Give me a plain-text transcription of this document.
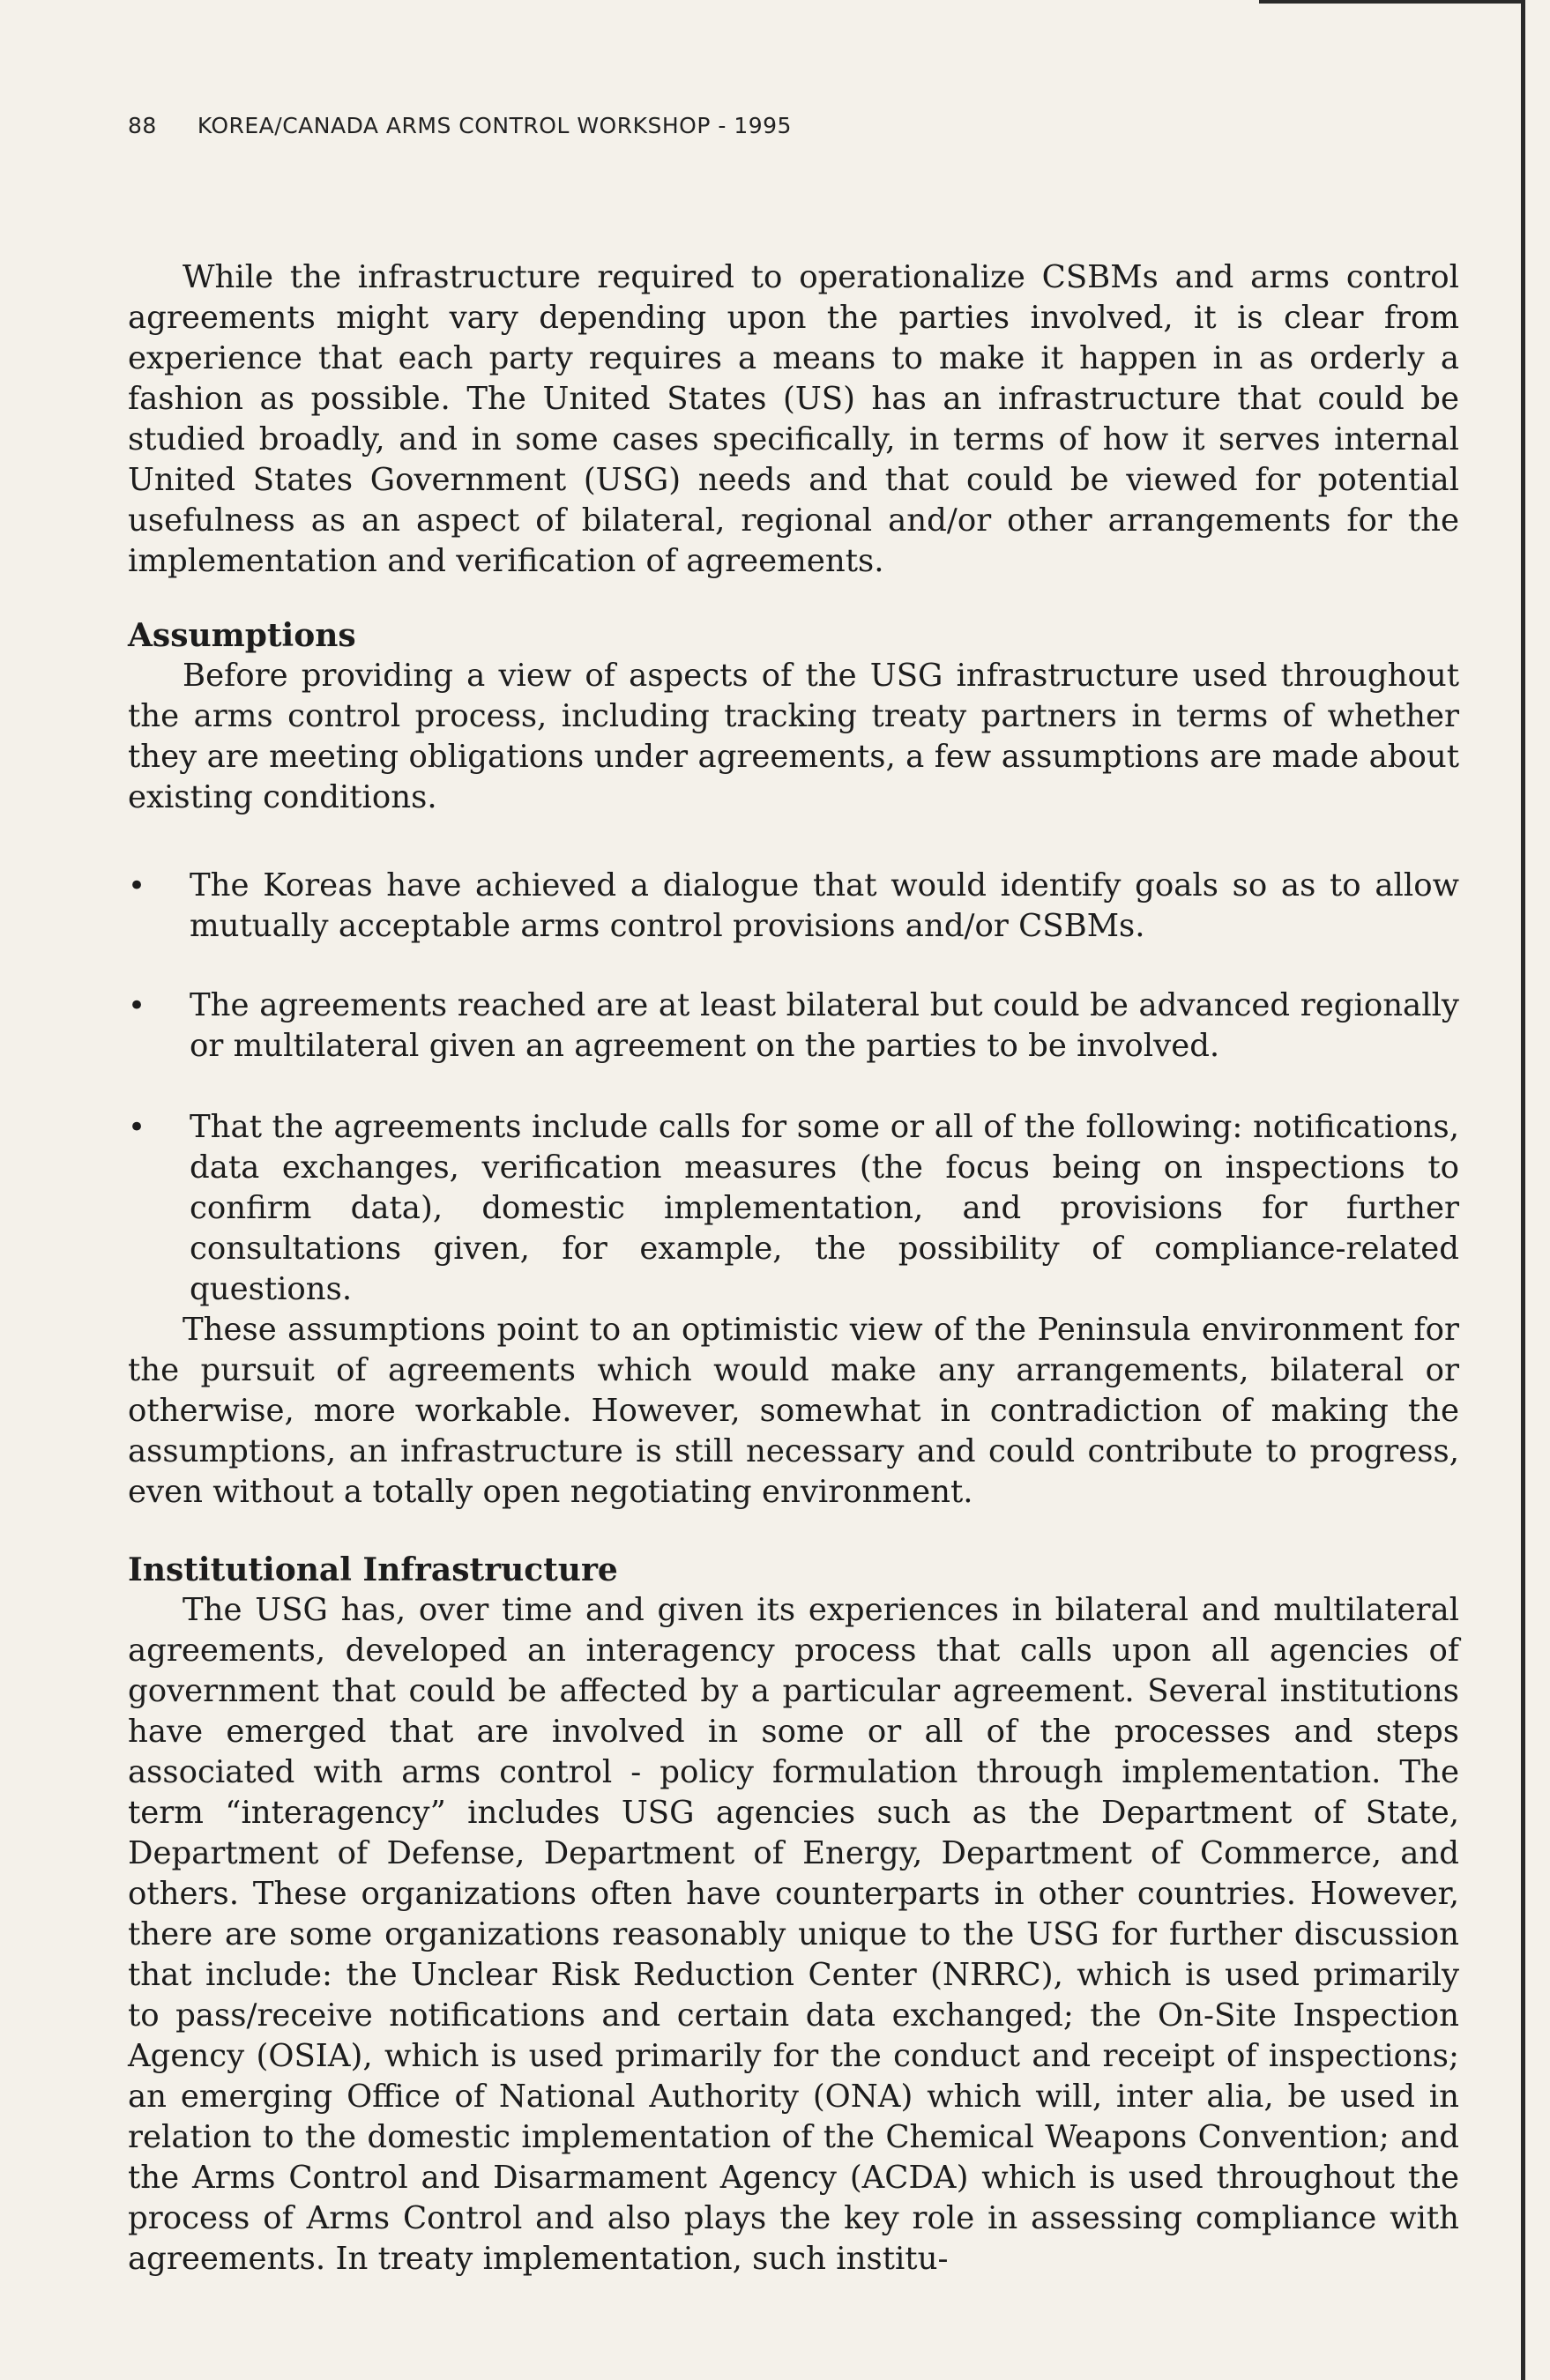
88 KOREA/CANADA ARMS CONTROL WORKSHOP - 1995

While the infrastructure required to operationalize CSBMs and arms control agreements might vary depending upon the parties involved, it is clear from experience that each party requires a means to make it happen in as orderly a fashion as possible. The United States (US) has an infrastructure that could be studied broadly, and in some cases specifically, in terms of how it serves internal United States Government (USG) needs and that could be viewed for potential usefulness as an aspect of bilateral, regional and/or other arrangements for the implementation and verification of agreements.

Assumptions

Before providing a view of aspects of the USG infrastructure used throughout the arms control process, including tracking treaty partners in terms of whether they are meeting obligations under agreements, a few assumptions are made about existing conditions.

•	The Koreas have achieved a dialogue that would identify goals so as to allow mutually acceptable arms control provisions and/or CSBMs.

•	The agreements reached are at least bilateral but could be advanced regionally or multilateral given an agreement on the parties to be involved.

•	That the agreements include calls for some or all of the following: notifications, data exchanges, verification measures (the focus being on inspections to confirm data), domestic implementation, and provisions for further consultations given, for example, the possibility of compliance-related questions.

These assumptions point to an optimistic view of the Peninsula environment for the pursuit of agreements which would make any arrangements, bilateral or otherwise, more workable. However, somewhat in contradiction of making the assumptions, an infrastructure is still necessary and could contribute to progress, even without a totally open negotiating environment.

Institutional Infrastructure

The USG has, over time and given its experiences in bilateral and multilateral agreements, developed an interagency process that calls upon all agencies of government that could be affected by a particular agreement. Several institutions have emerged that are involved in some or all of the processes and steps associated with arms control - policy formulation through implementation. The term “interagency” includes USG agencies such as the Department of State, Department of Defense, Department of Energy, Department of Commerce, and others. These organizations often have counterparts in other countries. However, there are some organizations reasonably unique to the USG for further discussion that include: the Unclear Risk Reduction Center (NRRC), which is used primarily to pass/receive notifications and certain data exchanged; the On-Site Inspection Agency (OSIA), which is used primarily for the conduct and receipt of inspections; an emerging Office of National Authority (ONA) which will, inter alia, be used in relation to the domestic implementation of the Chemical Weapons Convention; and the Arms Control and Disarmament Agency (ACDA) which is used throughout the process of Arms Control and also plays the key role in assessing compliance with agreements. In treaty implementation, such institu-
